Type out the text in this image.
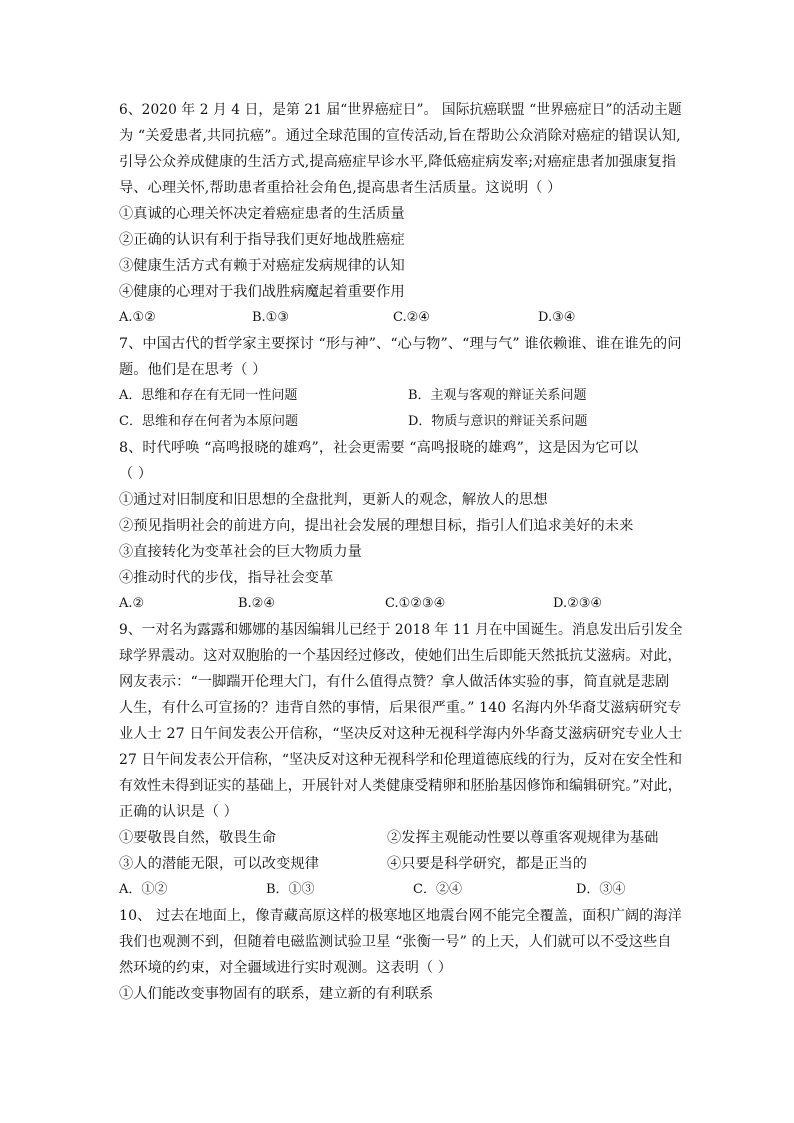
6、2020 年 2 月 4 日，是第 21 届“世界癌症日”。 国际抗癌联盟 “世界癌症日”的活动主题
为 “关爱患者,共同抗癌”。通过全球范围的宣传活动,旨在帮助公众消除对癌症的错误认知,
引导公众养成健康的生活方式,提高癌症早诊水平,降低癌症病发率;对癌症患者加强康复指
导、心理关怀,帮助患者重拾社会角色,提高患者生活质量。这说明（ ）
①真诚的心理关怀决定着癌症患者的生活质量
②正确的认识有利于指导我们更好地战胜癌症
③健康生活方式有赖于对癌症发病规律的认知
④健康的心理对于我们战胜病魔起着重要作用
A.①②	B.①③	C.②④	D.③④
7、中国古代的哲学家主要探讨 “形与神”、“心与物”、“理与气” 谁依赖谁、谁在谁先的问
题。他们是在思考（ ）
A．思维和存在有无同一性问题	B．主观与客观的辩证关系问题
C．思维和存在何者为本原问题	D．物质与意识的辩证关系问题
8、时代呼唤 “高鸣报晓的雄鸡”，社会更需要 “高鸣报晓的雄鸡”，这是因为它可以
（ ）
①通过对旧制度和旧思想的全盘批判，更新人的观念，解放人的思想
②预见指明社会的前进方向，提出社会发展的理想目标，指引人们追求美好的未来
③直接转化为变革社会的巨大物质力量
④推动时代的步伐，指导社会变革
A.②	B.②④	C.①②③④	D.②③④
9、一对名为露露和娜娜的基因编辑儿已经于 2018 年 11 月在中国诞生。消息发出后引发全
球学界震动。这对双胞胎的一个基因经过修改，使她们出生后即能天然抵抗艾滋病。对此，
网友表示：“一脚踹开伦理大门，有什么值得点赞？拿人做活体实验的事，简直就是悲剧
人生，有什么可宣扬的？违背自然的事情，后果很严重。” 140 名海内外华裔艾滋病研究专
业人士 27 日午间发表公开信称，“坚决反对这种无视科学海内外华裔艾滋病研究专业人士
27 日午间发表公开信称，“坚决反对这种无视科学和伦理道德底线的行为，反对在安全性和
有效性未得到证实的基础上，开展针对人类健康受精卵和胚胎基因修饰和编辑研究。”对此，
正确的认识是（ ）
①要敬畏自然，敬畏生命	②发挥主观能动性要以尊重客观规律为基础
③人的潜能无限，可以改变规律	④只要是科学研究，都是正当的
A．①②	B．①③	C．②④	D．③④
10、 过去在地面上，像青藏高原这样的极寒地区地震台网不能完全覆盖，面积广阔的海洋
我们也观测不到，但随着电磁监测试验卫星 “张衡一号” 的上天，人们就可以不受这些自
然环境的约束，对全疆域进行实时观测。这表明（ ）
①人们能改变事物固有的联系，建立新的有利联系
